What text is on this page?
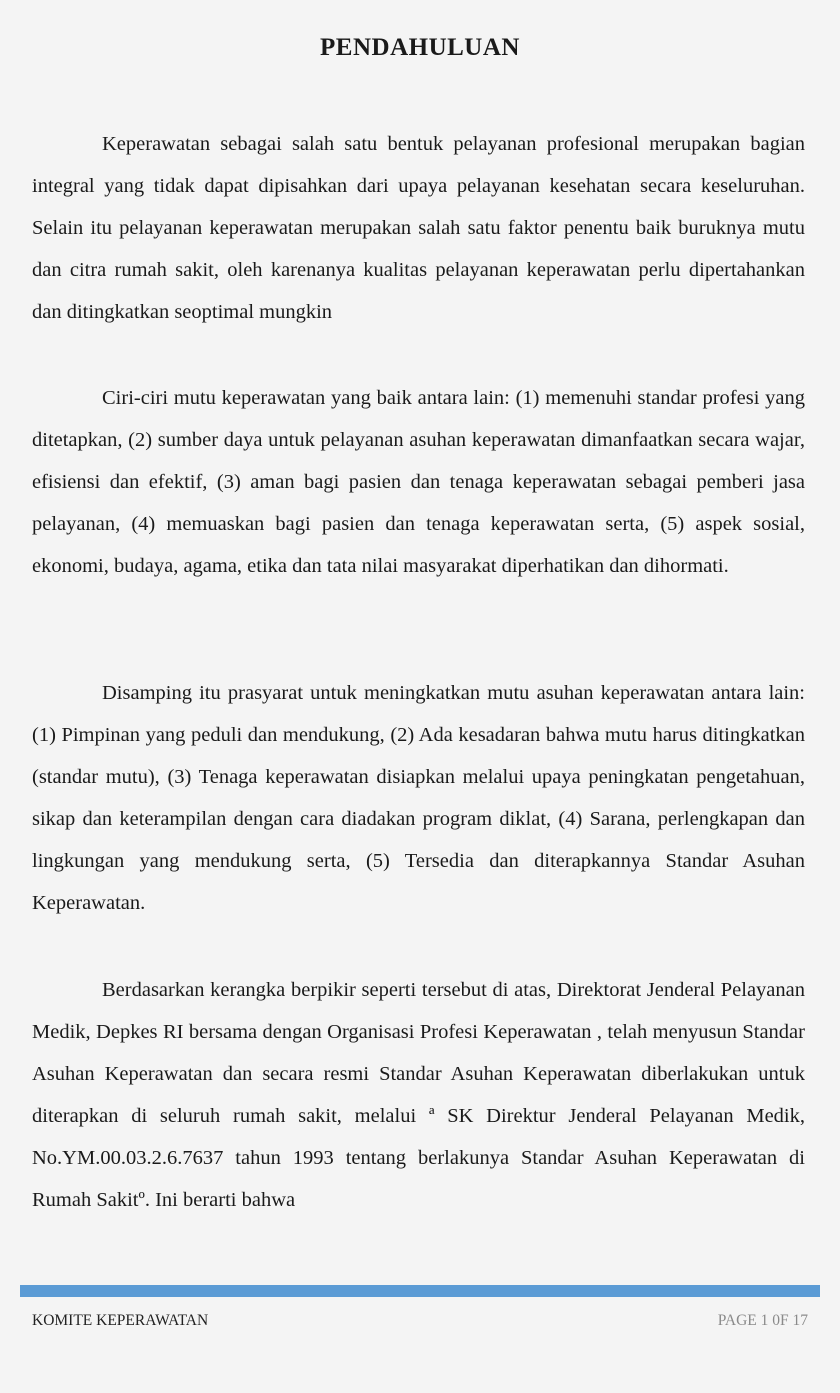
PENDAHULUAN

Keperawatan sebagai salah satu bentuk pelayanan profesional merupakan bagian integral yang tidak dapat dipisahkan dari upaya pelayanan kesehatan secara keseluruhan. Selain itu pelayanan keperawatan merupakan salah satu faktor penentu baik buruknya mutu dan citra rumah sakit, oleh karenanya kualitas pelayanan keperawatan perlu dipertahankan dan ditingkatkan seoptimal mungkin

Ciri-ciri mutu keperawatan yang baik antara lain: (1) memenuhi standar profesi yang ditetapkan, (2) sumber daya untuk pelayanan asuhan keperawatan dimanfaatkan secara wajar, efisiensi dan efektif, (3) aman bagi pasien dan tenaga keperawatan sebagai pemberi jasa pelayanan, (4) memuaskan bagi pasien dan tenaga keperawatan serta, (5) aspek sosial, ekonomi, budaya, agama, etika dan tata nilai masyarakat diperhatikan dan dihormati.

Disamping itu prasyarat untuk meningkatkan mutu asuhan keperawatan antara lain: (1) Pimpinan yang peduli dan mendukung, (2) Ada kesadaran bahwa mutu harus ditingkatkan (standar mutu), (3) Tenaga keperawatan disiapkan melalui upaya peningkatan pengetahuan, sikap dan keterampilan dengan cara diadakan program diklat, (4) Sarana, perlengkapan dan lingkungan yang mendukung serta, (5) Tersedia dan diterapkannya Standar Asuhan Keperawatan.

Berdasarkan kerangka berpikir seperti tersebut di atas, Direktorat Jenderal Pelayanan Medik, Depkes RI bersama dengan Organisasi Profesi Keperawatan , telah menyusun Standar Asuhan Keperawatan dan secara resmi Standar Asuhan Keperawatan diberlakukan untuk diterapkan di seluruh rumah sakit, melalui ª SK Direktur Jenderal Pelayanan Medik, No.YM.00.03.2.6.7637 tahun 1993 tentang berlakunya Standar Asuhan Keperawatan di Rumah Sakitº. Ini berarti bahwa

KOMITE KEPERAWATAN	PAGE 1 0F 17
